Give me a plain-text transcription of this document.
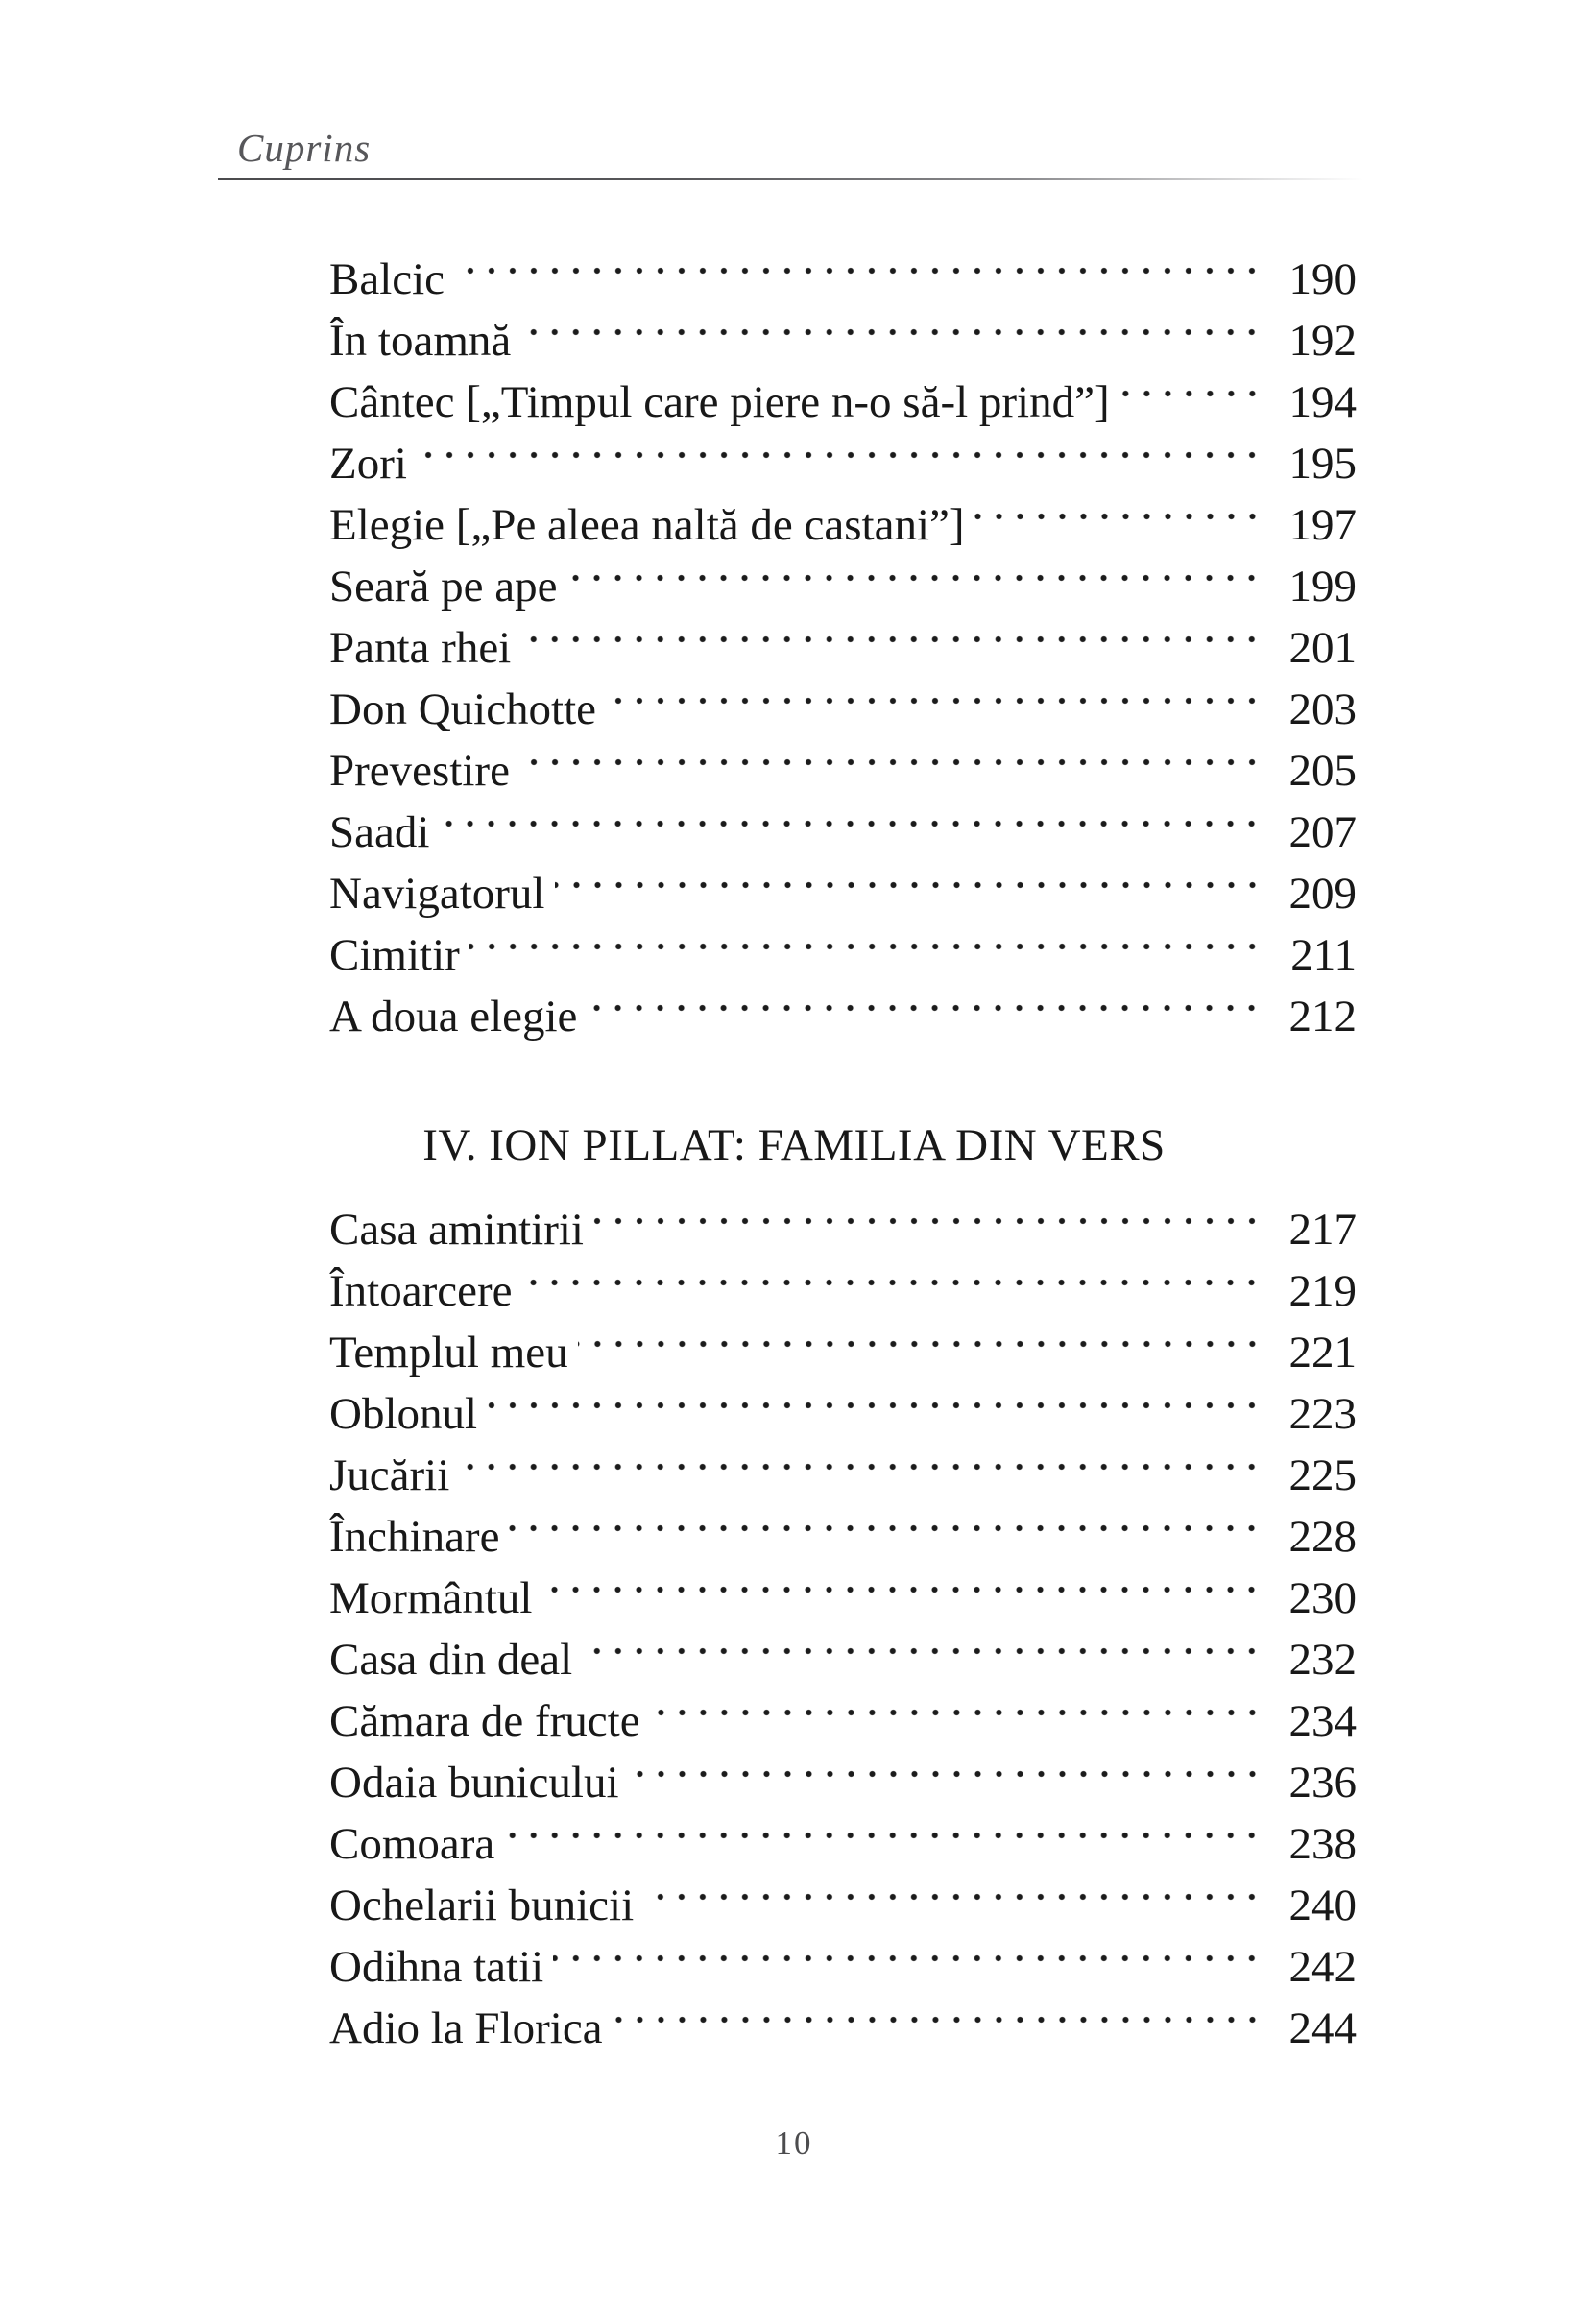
Cuprins
Balcic	190
În toamnă	192
Cântec [„Timpul care piere n-o să-l prind”]	194
Zori	195
Elegie [„Pe aleea naltă de castani”]	197
Seară pe ape	199
Panta rhei	201
Don Quichotte	203
Prevestire	205
Saadi	207
Navigatorul	209
Cimitir	211
A doua elegie	212
IV. ION PILLAT: FAMILIA DIN VERS
Casa amintirii	217
Întoarcere	219
Templul meu	221
Oblonul	223
Jucării	225
Închinare	228
Mormântul	230
Casa din deal	232
Cămara de fructe	234
Odaia bunicului	236
Comoara	238
Ochelarii bunicii	240
Odihna tatii	242
Adio la Florica	244
10
